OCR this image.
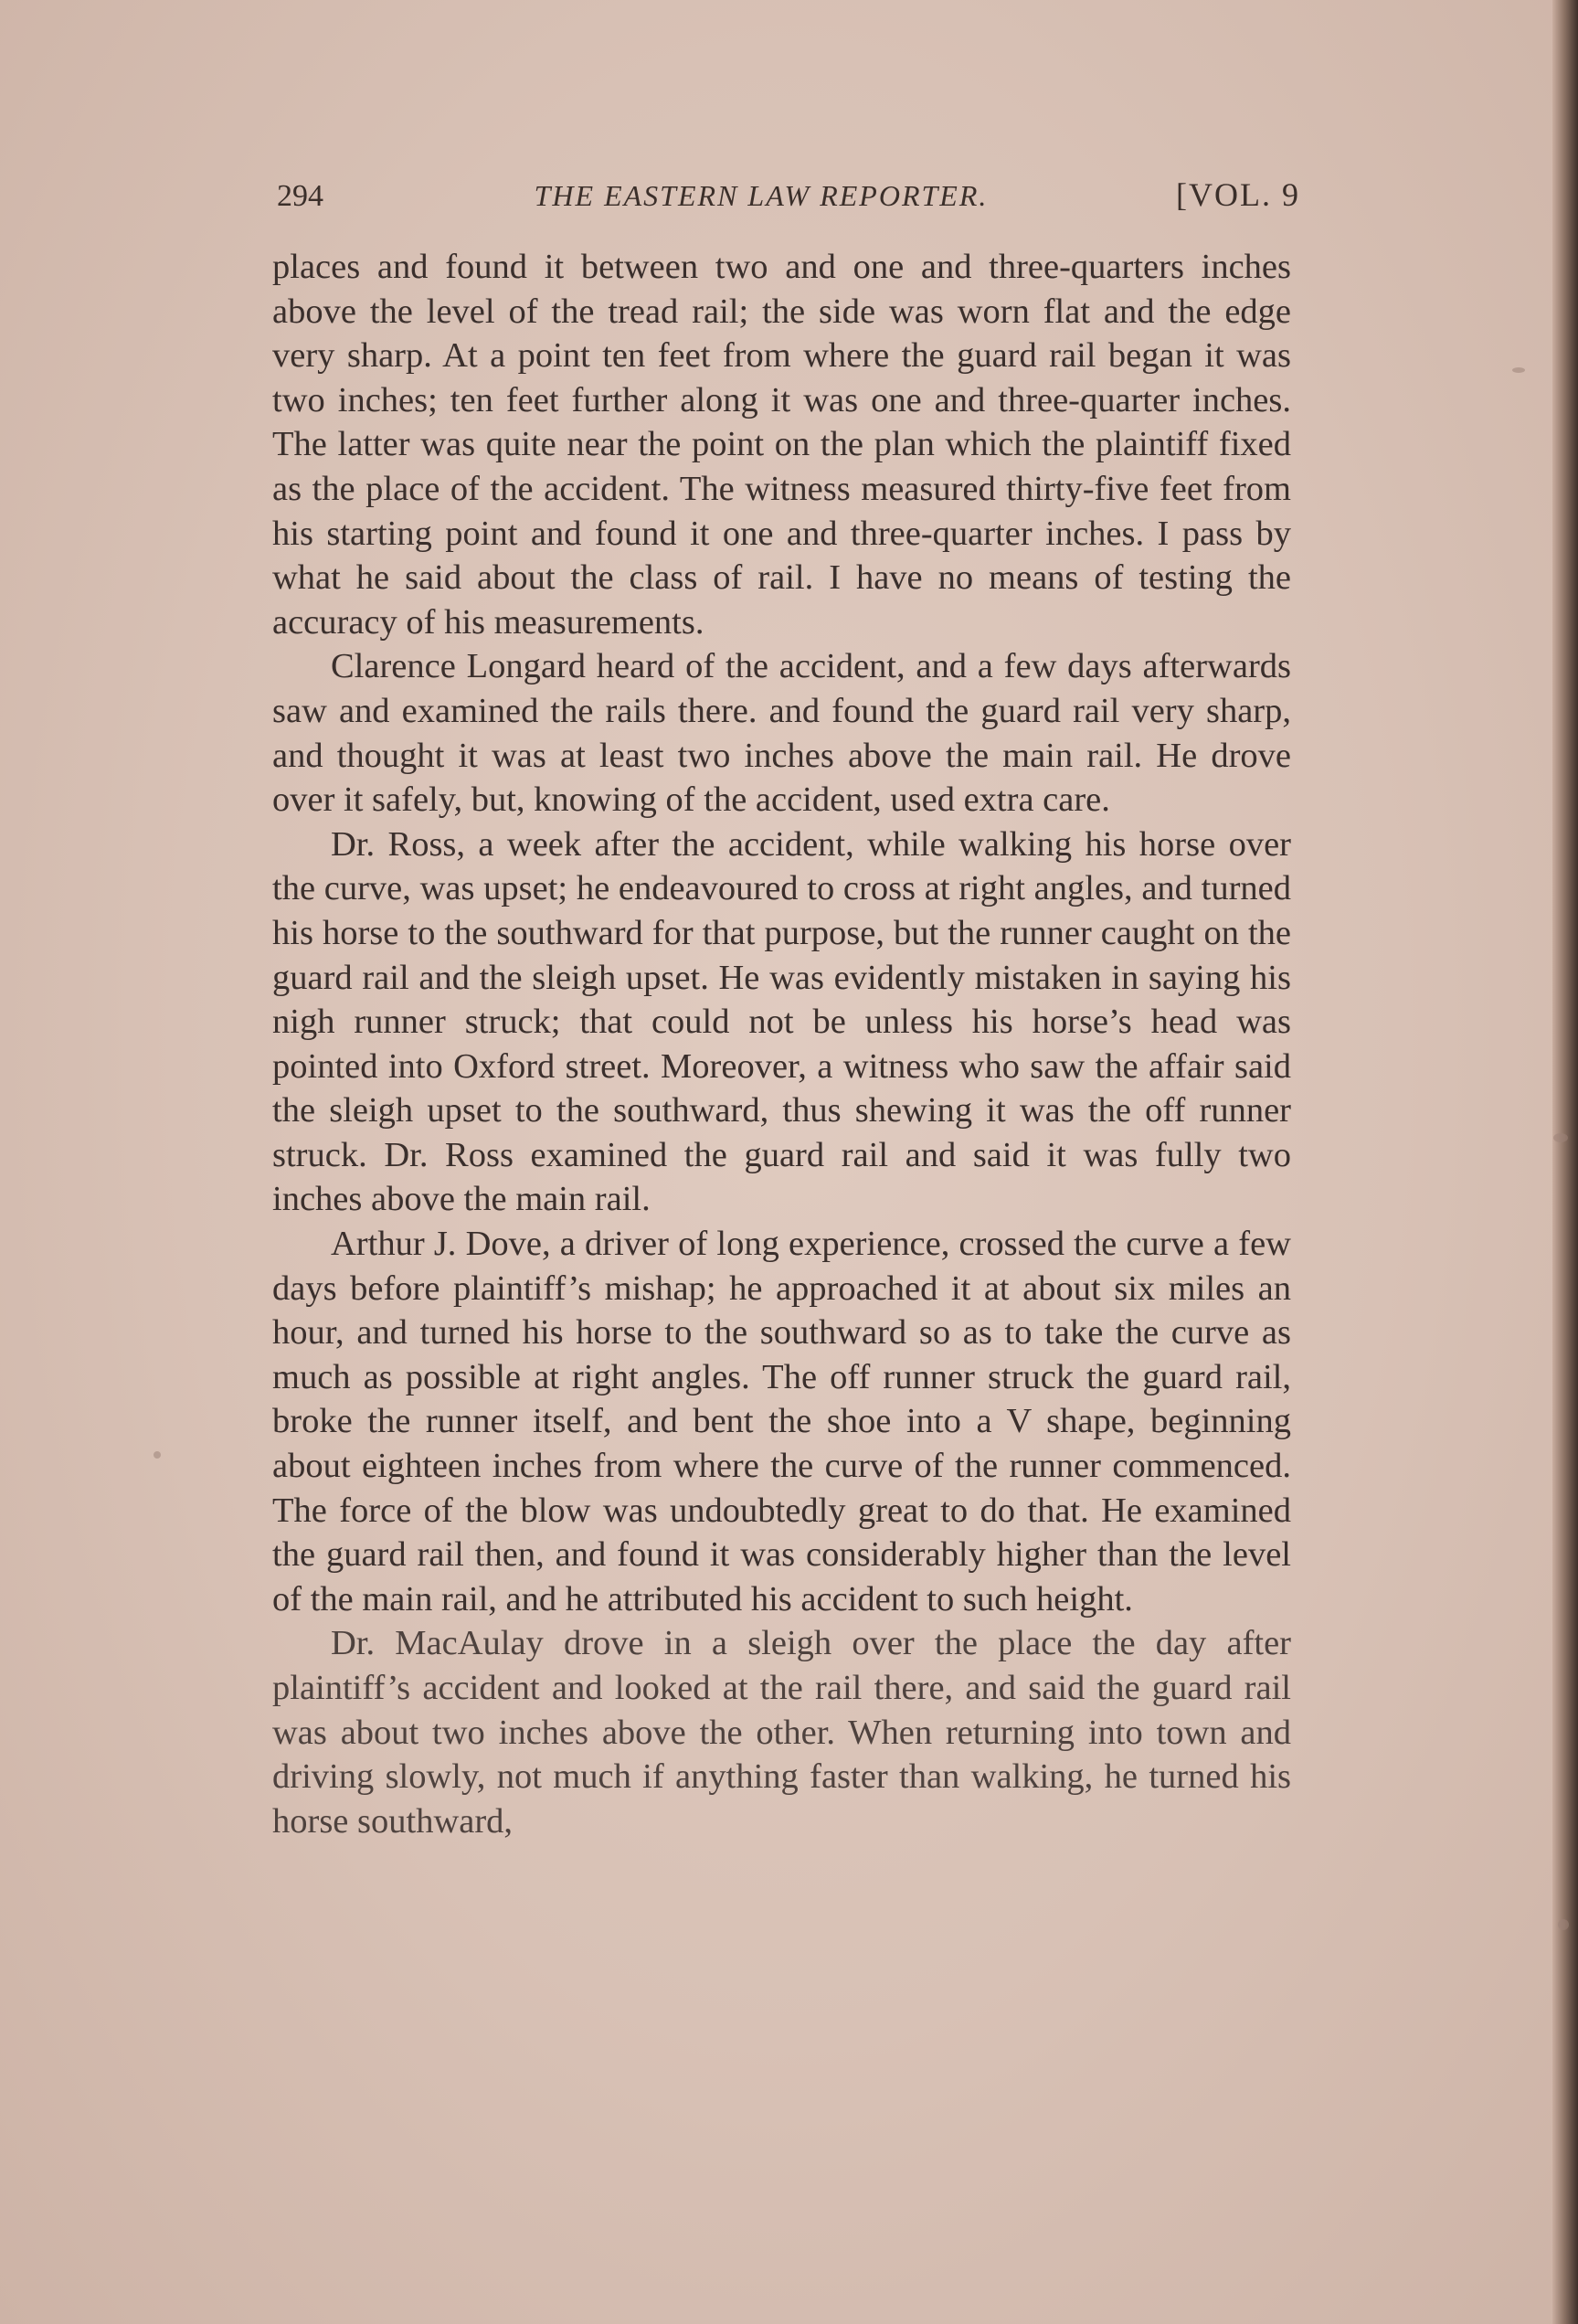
294	THE EASTERN LAW REPORTER.	[VOL. 9

places and found it between two and one and three-quarters inches above the level of the tread rail; the side was worn flat and the edge very sharp. At a point ten feet from where the guard rail began it was two inches; ten feet further along it was one and three-quarter inches. The latter was quite near the point on the plan which the plaintiff fixed as the place of the accident. The witness measured thirty-five feet from his starting point and found it one and three-quarter inches. I pass by what he said about the class of rail. I have no means of testing the accuracy of his measurements.

Clarence Longard heard of the accident, and a few days afterwards saw and examined the rails there. and found the guard rail very sharp, and thought it was at least two inches above the main rail. He drove over it safely, but, knowing of the accident, used extra care.

Dr. Ross, a week after the accident, while walking his horse over the curve, was upset; he endeavoured to cross at right angles, and turned his horse to the southward for that purpose, but the runner caught on the guard rail and the sleigh upset. He was evidently mistaken in saying his nigh runner struck; that could not be unless his horse’s head was pointed into Oxford street. Moreover, a witness who saw the affair said the sleigh upset to the southward, thus shewing it was the off runner struck. Dr. Ross examined the guard rail and said it was fully two inches above the main rail.

Arthur J. Dove, a driver of long experience, crossed the curve a few days before plaintiff’s mishap; he approached it at about six miles an hour, and turned his horse to the southward so as to take the curve as much as possible at right angles. The off runner struck the guard rail, broke the runner itself, and bent the shoe into a V shape, beginning about eighteen inches from where the curve of the runner commenced. The force of the blow was undoubtedly great to do that. He examined the guard rail then, and found it was considerably higher than the level of the main rail, and he attributed his accident to such height.

Dr. MacAulay drove in a sleigh over the place the day after plaintiff’s accident and looked at the rail there, and said the guard rail was about two inches above the other. When returning into town and driving slowly, not much if anything faster than walking, he turned his horse southward,
